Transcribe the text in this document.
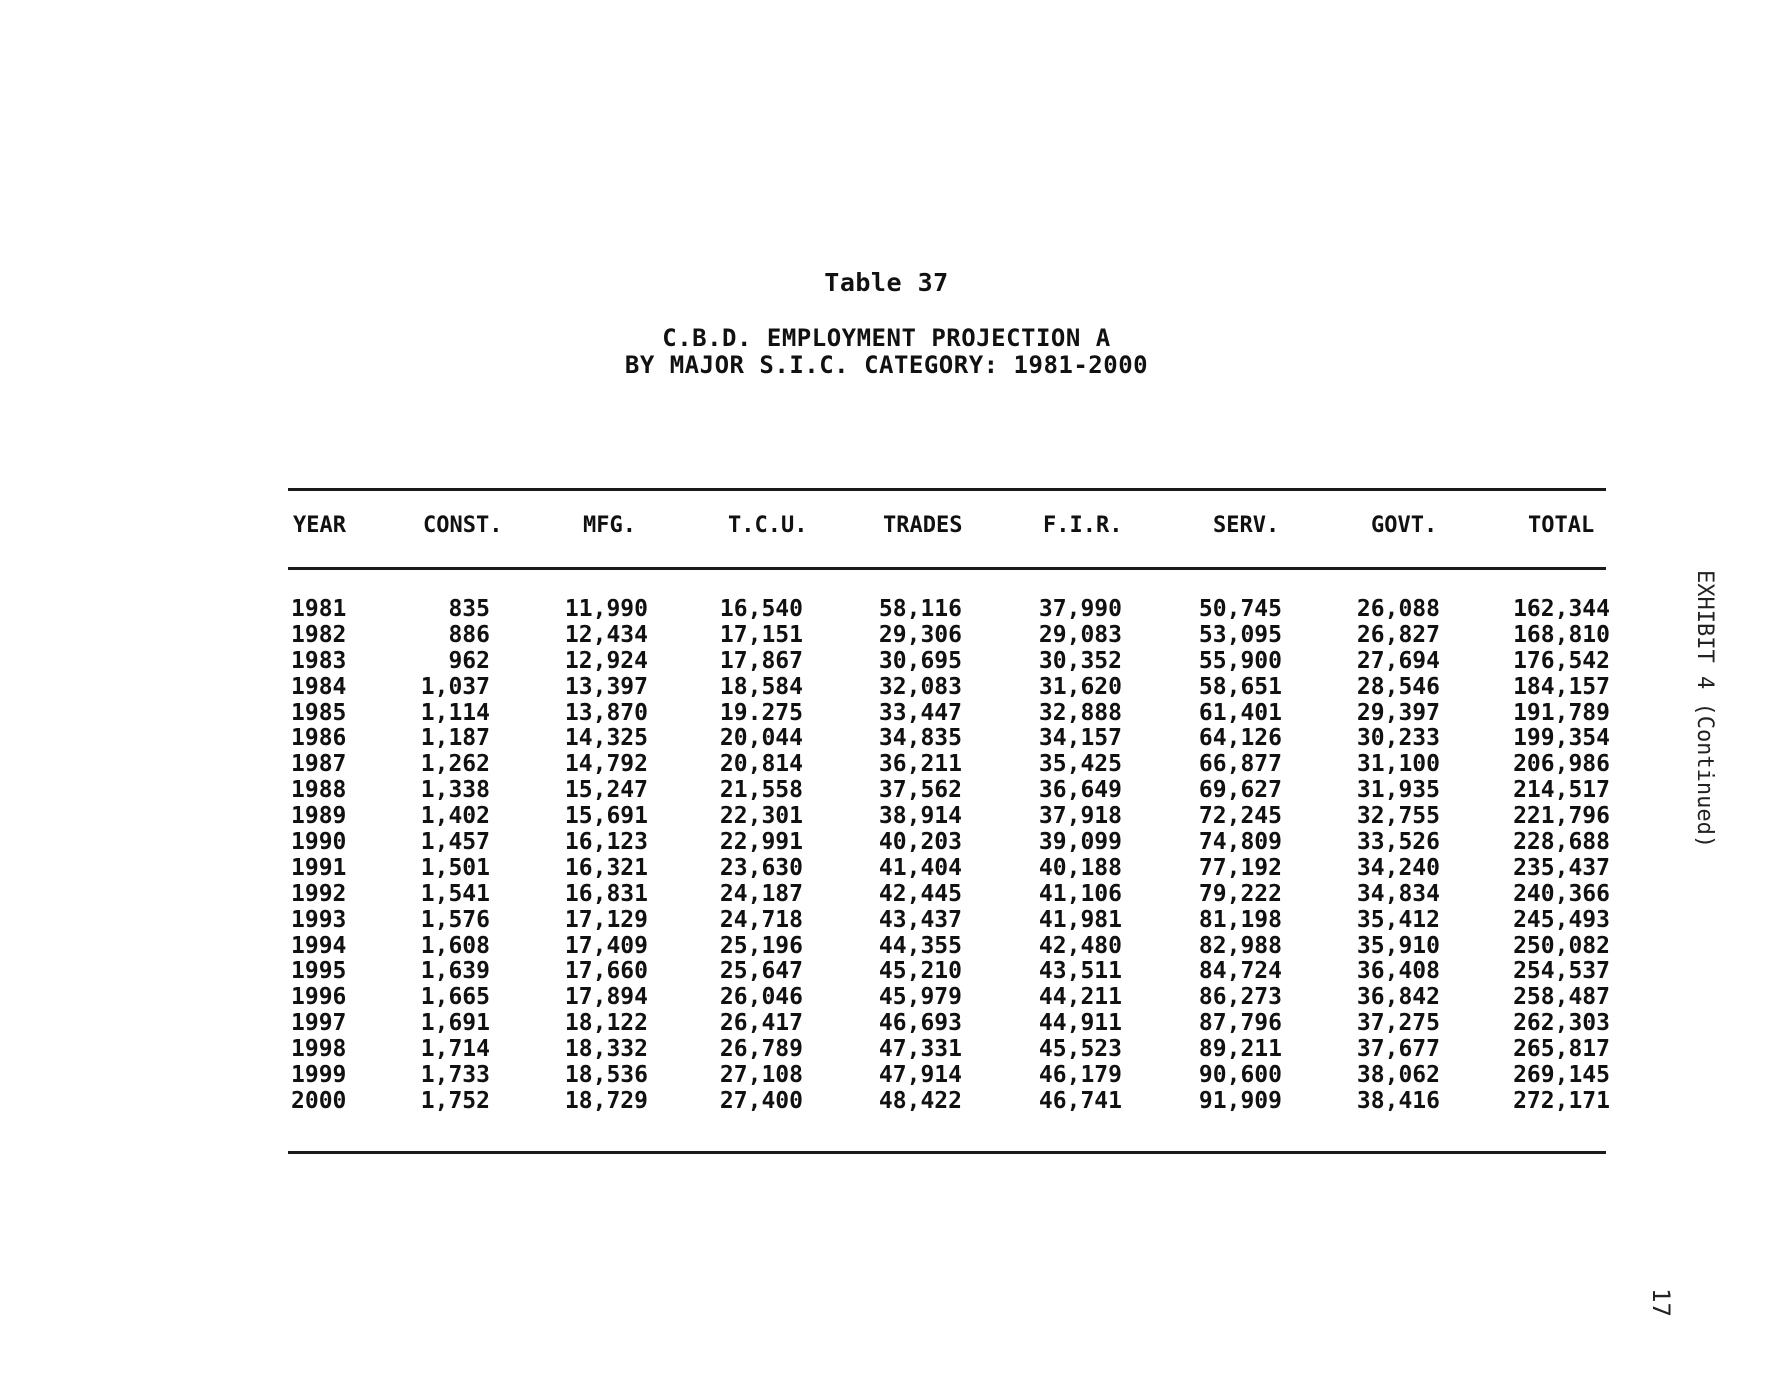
Table 37
C.B.D. EMPLOYMENT PROJECTION A
BY MAJOR S.I.C. CATEGORY: 1981-2000
YEAR	CONST.	MFG.	T.C.U.	TRADES	F.I.R.	SERV.	GOVT.	TOTAL
1981	835	11,990	16,540	58,116	37,990	50,745	26,088	162,344
1982	886	12,434	17,151	29,306	29,083	53,095	26,827	168,810
1983	962	12,924	17,867	30,695	30,352	55,900	27,694	176,542
1984	1,037	13,397	18,584	32,083	31,620	58,651	28,546	184,157
1985	1,114	13,870	19.275	33,447	32,888	61,401	29,397	191,789
1986	1,187	14,325	20,044	34,835	34,157	64,126	30,233	199,354
1987	1,262	14,792	20,814	36,211	35,425	66,877	31,100	206,986
1988	1,338	15,247	21,558	37,562	36,649	69,627	31,935	214,517
1989	1,402	15,691	22,301	38,914	37,918	72,245	32,755	221,796
1990	1,457	16,123	22,991	40,203	39,099	74,809	33,526	228,688
1991	1,501	16,321	23,630	41,404	40,188	77,192	34,240	235,437
1992	1,541	16,831	24,187	42,445	41,106	79,222	34,834	240,366
1993	1,576	17,129	24,718	43,437	41,981	81,198	35,412	245,493
1994	1,608	17,409	25,196	44,355	42,480	82,988	35,910	250,082
1995	1,639	17,660	25,647	45,210	43,511	84,724	36,408	254,537
1996	1,665	17,894	26,046	45,979	44,211	86,273	36,842	258,487
1997	1,691	18,122	26,417	46,693	44,911	87,796	37,275	262,303
1998	1,714	18,332	26,789	47,331	45,523	89,211	37,677	265,817
1999	1,733	18,536	27,108	47,914	46,179	90,600	38,062	269,145
2000	1,752	18,729	27,400	48,422	46,741	91,909	38,416	272,171
EXHIBIT 4 (Continued)
17
